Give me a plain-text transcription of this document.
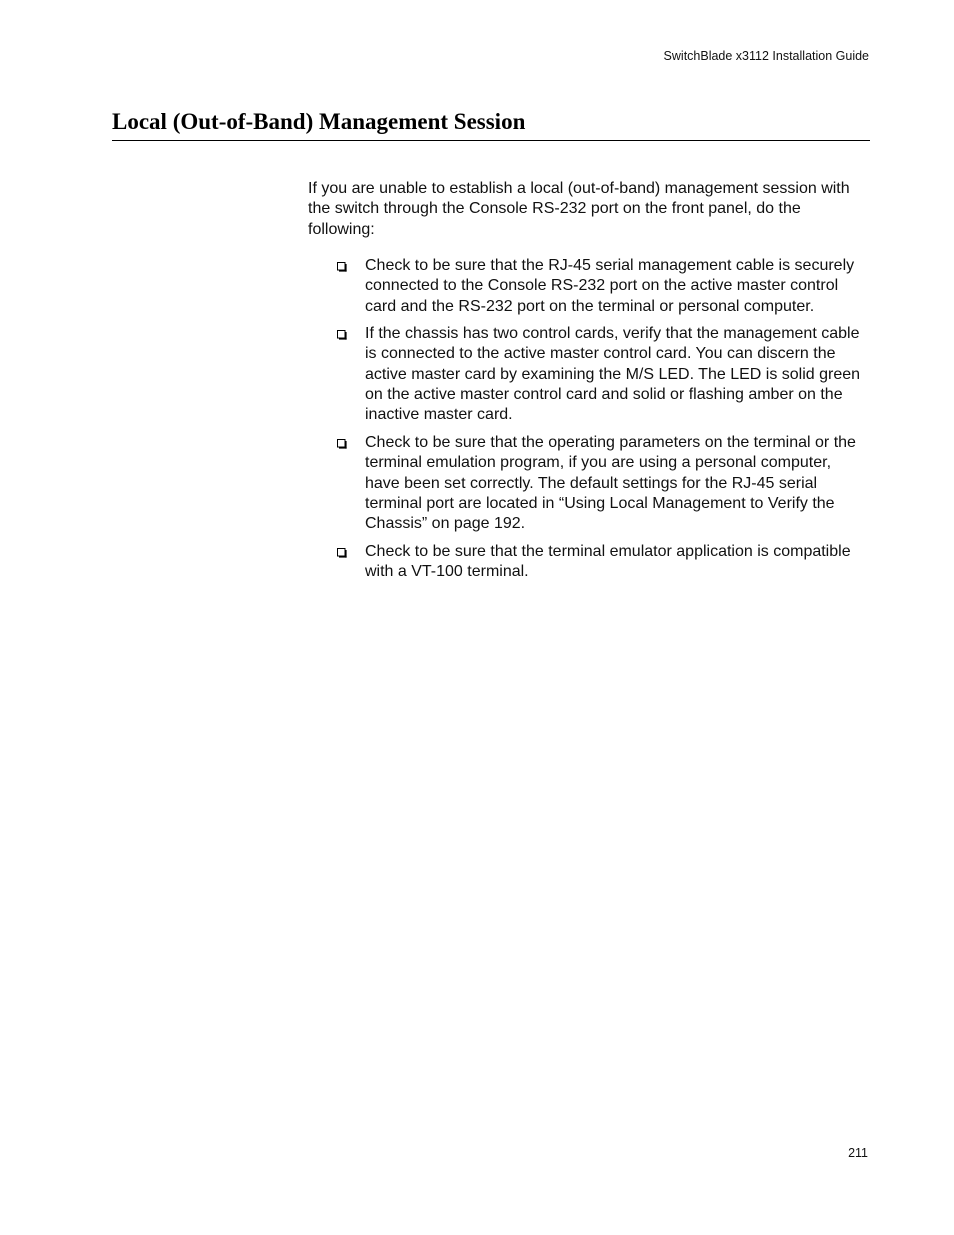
SwitchBlade x3112 Installation Guide
Local (Out-of-Band) Management Session

If you are unable to establish a local (out-of-band) management session with the switch through the Console RS-232 port on the front panel, do the following:

Check to be sure that the RJ-45 serial management cable is securely connected to the Console RS-232 port on the active master control card and the RS-232 port on the terminal or personal computer.
If the chassis has two control cards, verify that the management cable is connected to the active master control card. You can discern the active master card by examining the M/S LED. The LED is solid green on the active master control card and solid or flashing amber on the inactive master card.
Check to be sure that the operating parameters on the terminal or the terminal emulation program, if you are using a personal computer, have been set correctly. The default settings for the RJ-45 serial terminal port are located in “Using Local Management to Verify the Chassis” on page 192.
Check to be sure that the terminal emulator application is compatible with a VT-100 terminal.
211
